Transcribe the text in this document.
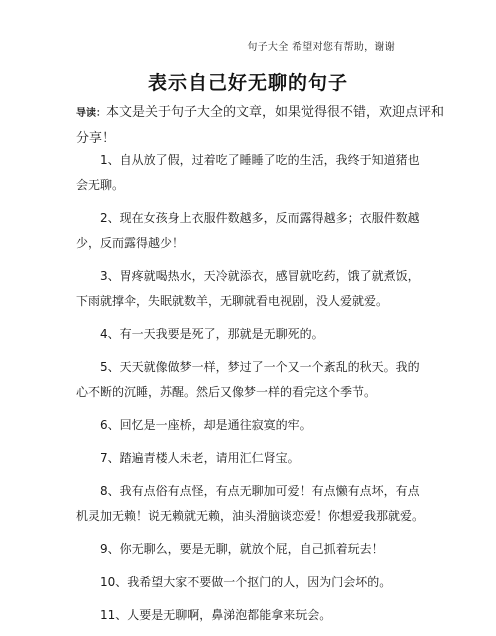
句子大全 希望对您有帮助，谢谢
表示自己好无聊的句子
导读：本文是关于句子大全的文章，如果觉得很不错，欢迎点评和分享！

1、自从放了假，过着吃了睡睡了吃的生活，我终于知道猪也会无聊。

2、现在女孩身上衣服件数越多，反而露得越多；衣服件数越少，反而露得越少！

3、胃疼就喝热水，天冷就添衣，感冒就吃药，饿了就煮饭，下雨就撑伞，失眠就数羊，无聊就看电视剧，没人爱就爱。

4、有一天我要是死了，那就是无聊死的。

5、天天就像做梦一样，梦过了一个又一个紊乱的秋天。我的心不断的沉睡，苏醒。然后又像梦一样的看完这个季节。

6、回忆是一座桥，却是通往寂寞的牢。

7、踏遍青楼人未老，请用汇仁肾宝。

8、我有点俗有点怪，有点无聊加可爱！有点懒有点坏，有点机灵加无赖！说无赖就无赖，油头滑脑谈恋爱！你想爱我那就爱。

9、你无聊么，要是无聊，就放个屁，自己抓着玩去！

10、我希望大家不要做一个抠门的人，因为门会坏的。

11、人要是无聊啊，鼻涕泡都能拿来玩会。
